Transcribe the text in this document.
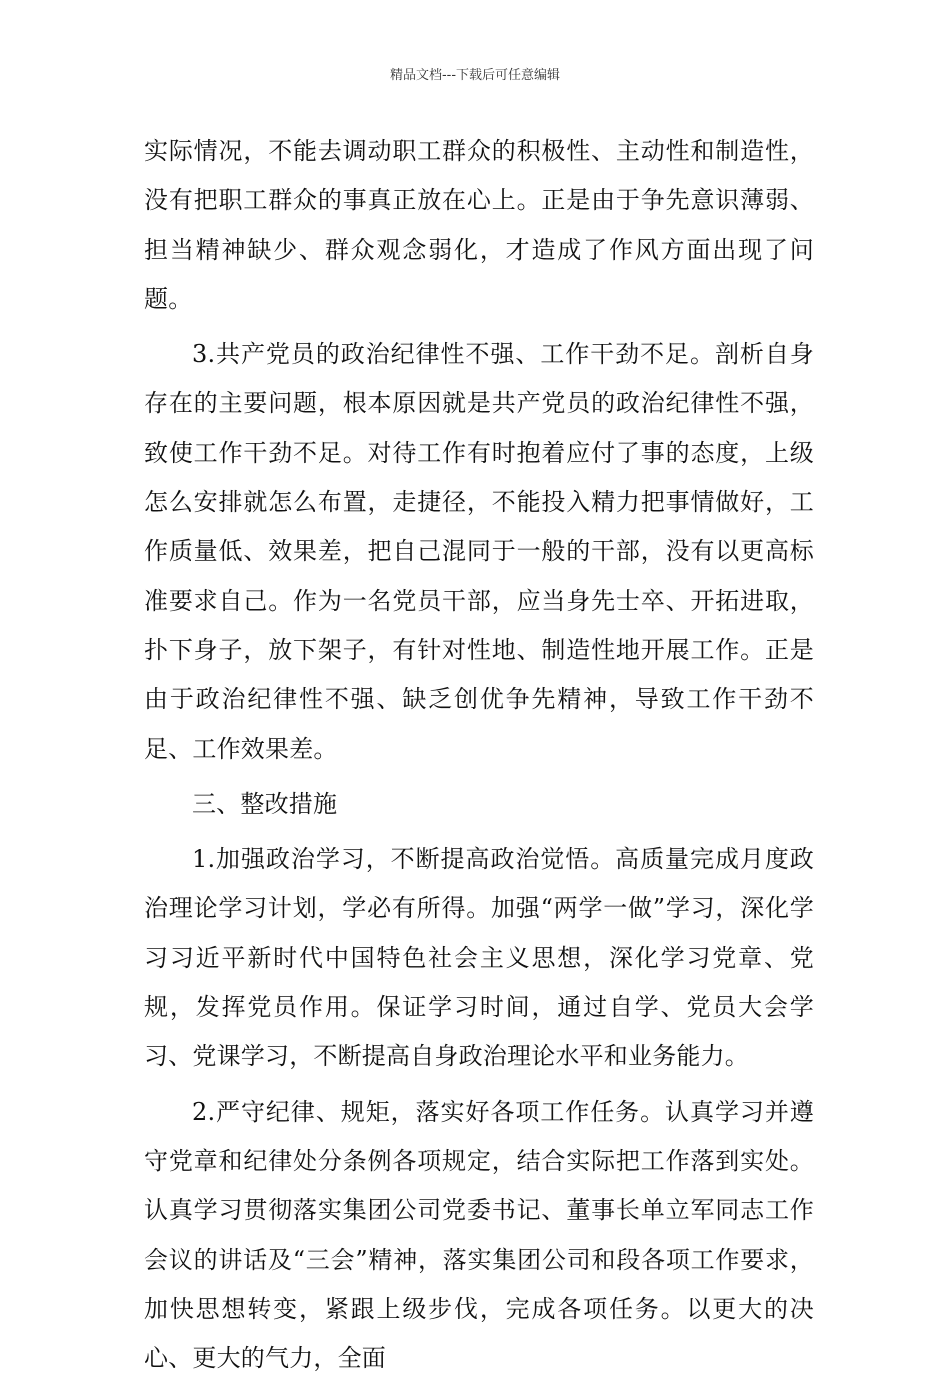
精品文档---下载后可任意编辑

实际情况，不能去调动职工群众的积极性、主动性和制造性，没有把职工群众的事真正放在心上。正是由于争先意识薄弱、担当精神缺少、群众观念弱化，才造成了作风方面出现了问题。

3.共产党员的政治纪律性不强、工作干劲不足。剖析自身存在的主要问题，根本原因就是共产党员的政治纪律性不强，致使工作干劲不足。对待工作有时抱着应付了事的态度，上级怎么安排就怎么布置，走捷径，不能投入精力把事情做好，工作质量低、效果差，把自己混同于一般的干部，没有以更高标准要求自己。作为一名党员干部，应当身先士卒、开拓进取，扑下身子，放下架子，有针对性地、制造性地开展工作。正是由于政治纪律性不强、缺乏创优争先精神，导致工作干劲不足、工作效果差。

三、整改措施

1.加强政治学习，不断提高政治觉悟。高质量完成月度政治理论学习计划，学必有所得。加强“两学一做”学习，深化学习习近平新时代中国特色社会主义思想，深化学习党章、党规，发挥党员作用。保证学习时间，通过自学、党员大会学习、党课学习，不断提高自身政治理论水平和业务能力。

2.严守纪律、规矩，落实好各项工作任务。认真学习并遵守党章和纪律处分条例各项规定，结合实际把工作落到实处。认真学习贯彻落实集团公司党委书记、董事长单立军同志工作会议的讲话及“三会”精神，落实集团公司和段各项工作要求，加快思想转变，紧跟上级步伐，完成各项任务。以更大的决心、更大的气力，全面
